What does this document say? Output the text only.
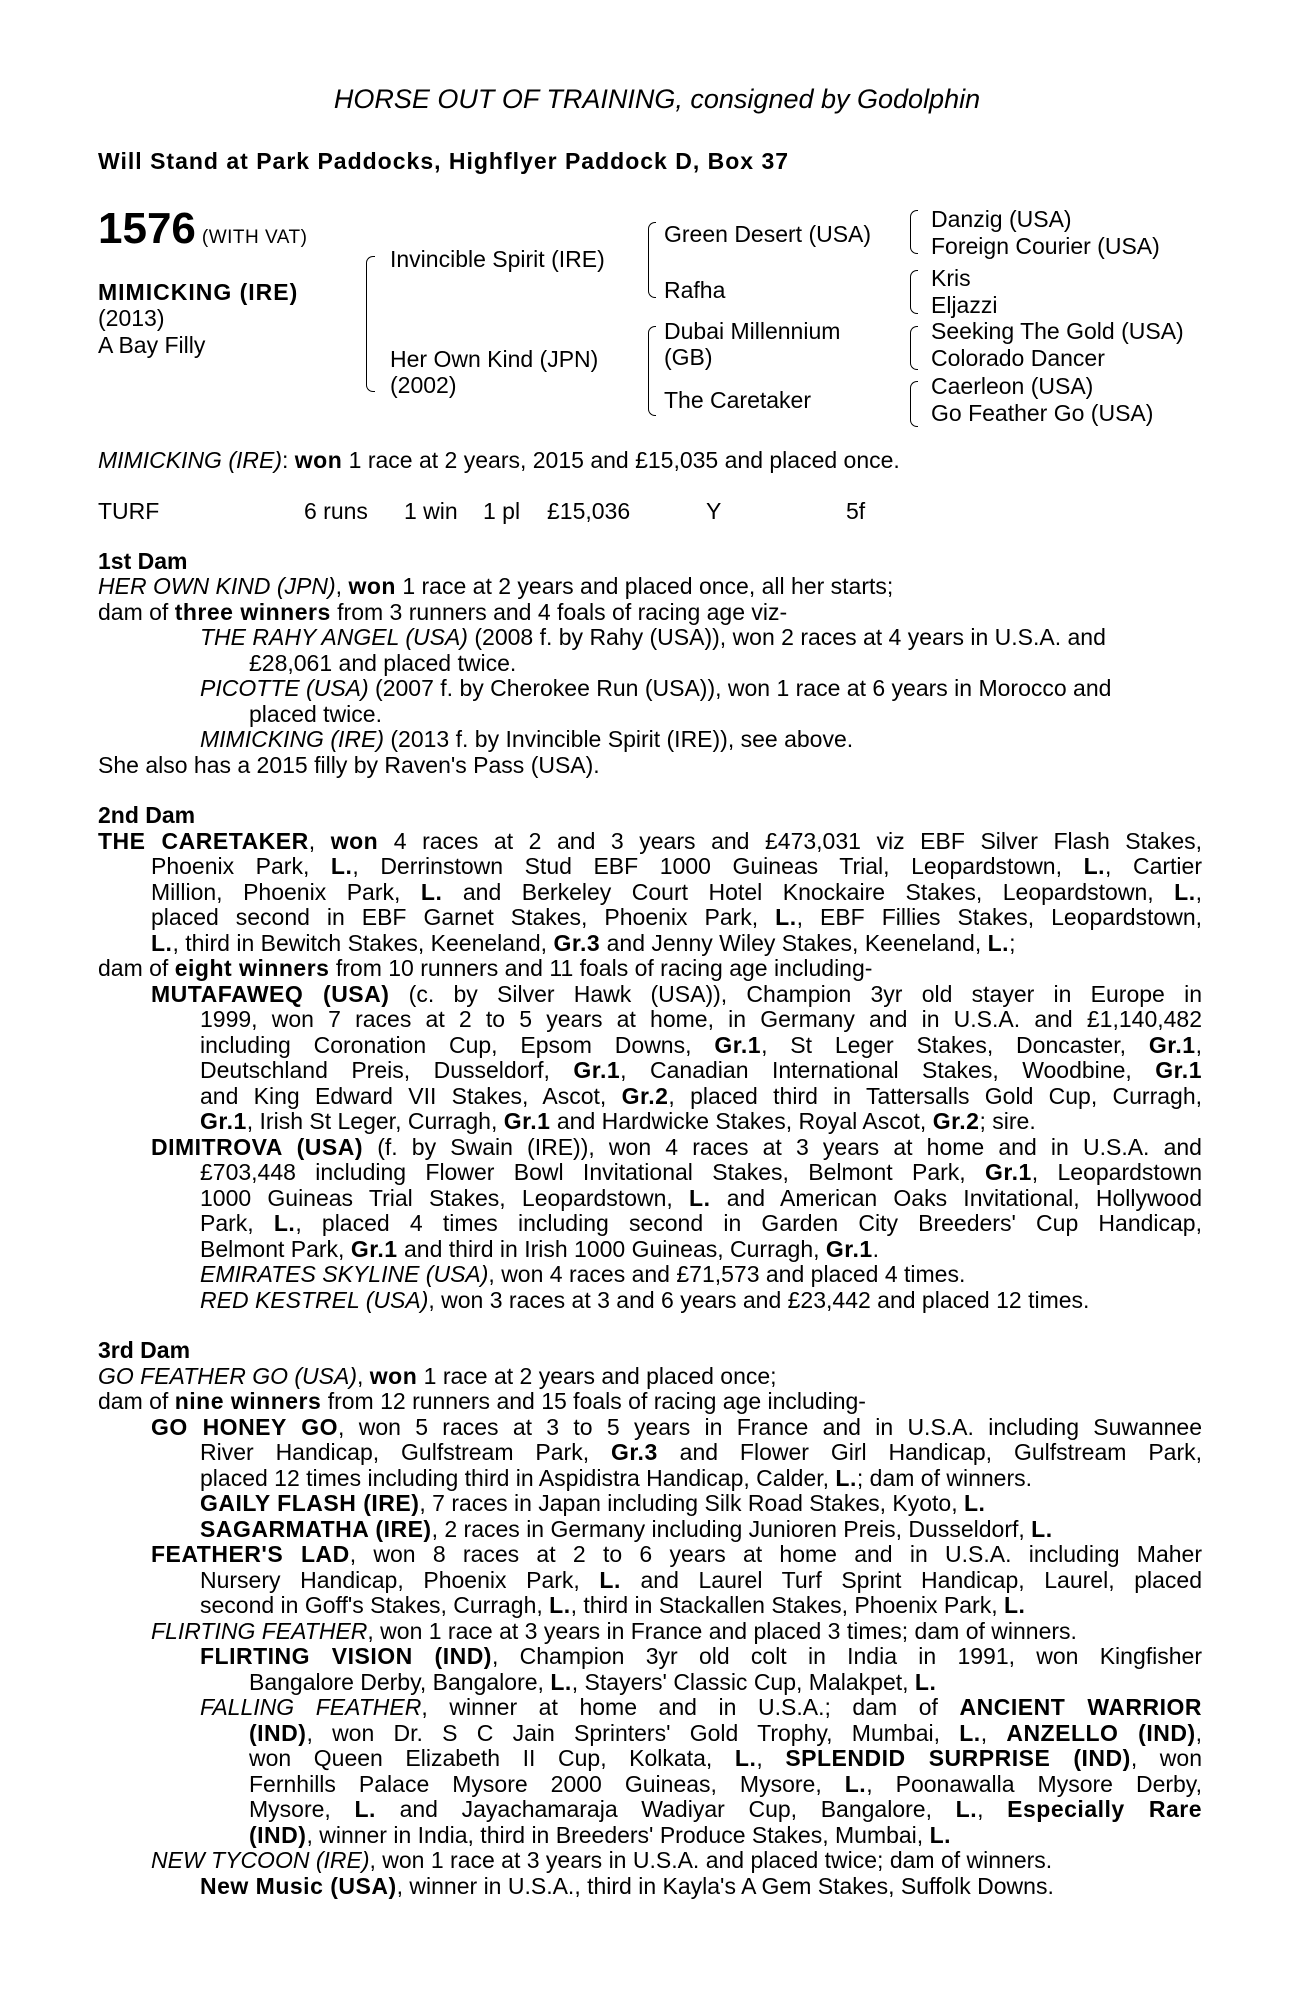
HORSE OUT OF TRAINING, consigned by Godolphin
Will Stand at Park Paddocks, Highflyer Paddock D, Box 37
1576 (WITH VAT)
MIMICKING (IRE)
(2013)
A Bay Filly
Invincible Spirit (IRE)
Her Own Kind (JPN)
(2002)
Green Desert (USA)
Rafha
Dubai Millennium
(GB)
The Caretaker
Danzig (USA)
Foreign Courier (USA)
Kris
Eljazzi
Seeking The Gold (USA)
Colorado Dancer
Caerleon (USA)
Go Feather Go (USA)
MIMICKING (IRE): won 1 race at 2 years, 2015 and £15,035 and placed once.
TURF	6 runs 1 win 1 pl £15,036	Y	5f
1st Dam
HER OWN KIND (JPN), won 1 race at 2 years and placed once, all her starts;
dam of three winners from 3 runners and 4 foals of racing age viz-
THE RAHY ANGEL (USA) (2008 f. by Rahy (USA)), won 2 races at 4 years in U.S.A. and
£28,061 and placed twice.
PICOTTE (USA) (2007 f. by Cherokee Run (USA)), won 1 race at 6 years in Morocco and
placed twice.
MIMICKING (IRE) (2013 f. by Invincible Spirit (IRE)), see above.
She also has a 2015 filly by Raven's Pass (USA).
2nd Dam
THE CARETAKER, won 4 races at 2 and 3 years and £473,031 viz EBF Silver Flash Stakes,
Phoenix Park, L., Derrinstown Stud EBF 1000 Guineas Trial, Leopardstown, L., Cartier
Million, Phoenix Park, L. and Berkeley Court Hotel Knockaire Stakes, Leopardstown, L.,
placed second in EBF Garnet Stakes, Phoenix Park, L., EBF Fillies Stakes, Leopardstown,
L., third in Bewitch Stakes, Keeneland, Gr.3 and Jenny Wiley Stakes, Keeneland, L.;
dam of eight winners from 10 runners and 11 foals of racing age including-
MUTAFAWEQ (USA) (c. by Silver Hawk (USA)), Champion 3yr old stayer in Europe in
1999, won 7 races at 2 to 5 years at home, in Germany and in U.S.A. and £1,140,482
including Coronation Cup, Epsom Downs, Gr.1, St Leger Stakes, Doncaster, Gr.1,
Deutschland Preis, Dusseldorf, Gr.1, Canadian International Stakes, Woodbine, Gr.1
and King Edward VII Stakes, Ascot, Gr.2, placed third in Tattersalls Gold Cup, Curragh,
Gr.1, Irish St Leger, Curragh, Gr.1 and Hardwicke Stakes, Royal Ascot, Gr.2; sire.
DIMITROVA (USA) (f. by Swain (IRE)), won 4 races at 3 years at home and in U.S.A. and
£703,448 including Flower Bowl Invitational Stakes, Belmont Park, Gr.1, Leopardstown
1000 Guineas Trial Stakes, Leopardstown, L. and American Oaks Invitational, Hollywood
Park, L., placed 4 times including second in Garden City Breeders' Cup Handicap,
Belmont Park, Gr.1 and third in Irish 1000 Guineas, Curragh, Gr.1.
EMIRATES SKYLINE (USA), won 4 races and £71,573 and placed 4 times.
RED KESTREL (USA), won 3 races at 3 and 6 years and £23,442 and placed 12 times.
3rd Dam
GO FEATHER GO (USA), won 1 race at 2 years and placed once;
dam of nine winners from 12 runners and 15 foals of racing age including-
GO HONEY GO, won 5 races at 3 to 5 years in France and in U.S.A. including Suwannee
River Handicap, Gulfstream Park, Gr.3 and Flower Girl Handicap, Gulfstream Park,
placed 12 times including third in Aspidistra Handicap, Calder, L.; dam of winners.
GAILY FLASH (IRE), 7 races in Japan including Silk Road Stakes, Kyoto, L.
SAGARMATHA (IRE), 2 races in Germany including Junioren Preis, Dusseldorf, L.
FEATHER'S LAD, won 8 races at 2 to 6 years at home and in U.S.A. including Maher
Nursery Handicap, Phoenix Park, L. and Laurel Turf Sprint Handicap, Laurel, placed
second in Goff's Stakes, Curragh, L., third in Stackallen Stakes, Phoenix Park, L.
FLIRTING FEATHER, won 1 race at 3 years in France and placed 3 times; dam of winners.
FLIRTING VISION (IND), Champion 3yr old colt in India in 1991, won Kingfisher
Bangalore Derby, Bangalore, L., Stayers' Classic Cup, Malakpet, L.
FALLING FEATHER, winner at home and in U.S.A.; dam of ANCIENT WARRIOR
(IND), won Dr. S C Jain Sprinters' Gold Trophy, Mumbai, L., ANZELLO (IND),
won Queen Elizabeth II Cup, Kolkata, L., SPLENDID SURPRISE (IND), won
Fernhills Palace Mysore 2000 Guineas, Mysore, L., Poonawalla Mysore Derby,
Mysore, L. and Jayachamaraja Wadiyar Cup, Bangalore, L., Especially Rare
(IND), winner in India, third in Breeders' Produce Stakes, Mumbai, L.
NEW TYCOON (IRE), won 1 race at 3 years in U.S.A. and placed twice; dam of winners.
New Music (USA), winner in U.S.A., third in Kayla's A Gem Stakes, Suffolk Downs.
